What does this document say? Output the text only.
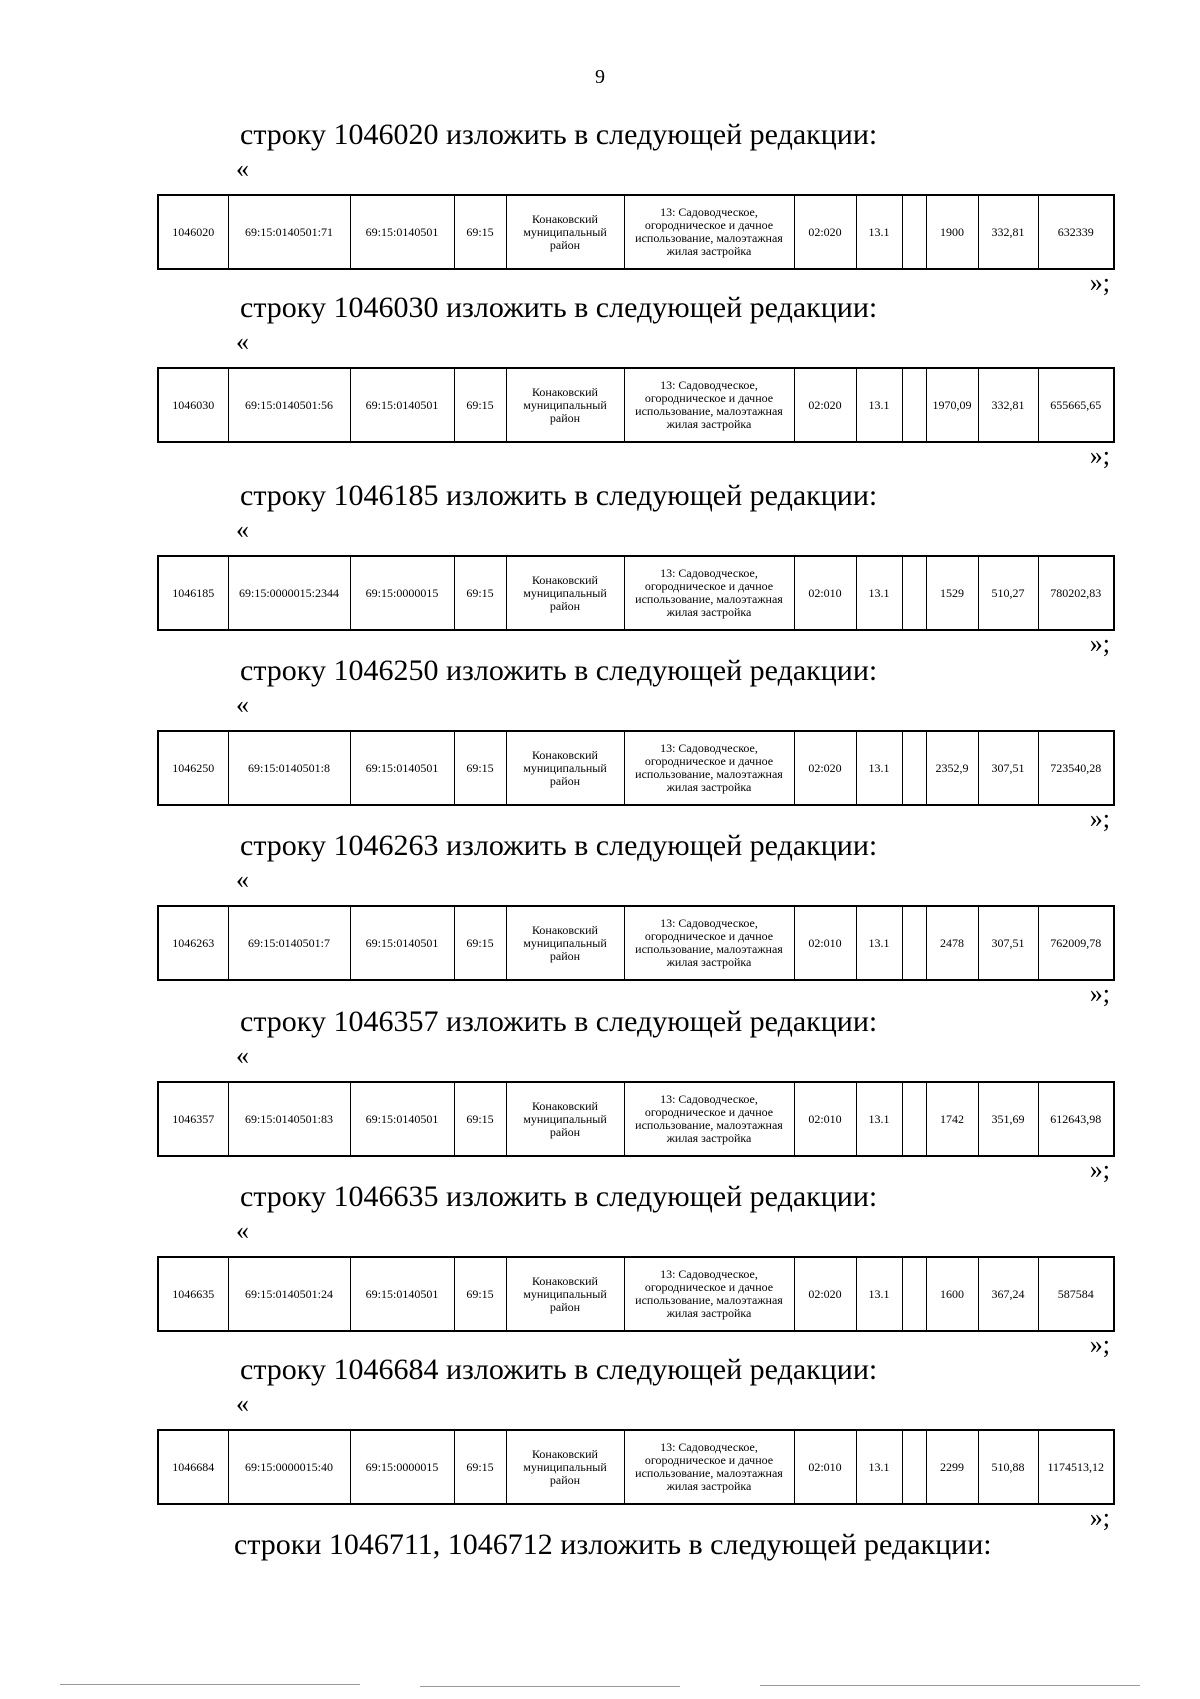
9
строку 1046020 изложить в следующей редакции:
«
1046020	69:15:0140501:71	69:15:0140501	69:15	Конаковский муниципальный район	13: Садоводческое, огородническое и дачное использование, малоэтажная жилая застройка	02:020	13.1		1900	332,81	632339
»;
строку 1046030 изложить в следующей редакции:
«
1046030	69:15:0140501:56	69:15:0140501	69:15	Конаковский муниципальный район	13: Садоводческое, огородническое и дачное использование, малоэтажная жилая застройка	02:020	13.1		1970,09	332,81	655665,65
»;
строку 1046185 изложить в следующей редакции:
«
1046185	69:15:0000015:2344	69:15:0000015	69:15	Конаковский муниципальный район	13: Садоводческое, огородническое и дачное использование, малоэтажная жилая застройка	02:010	13.1		1529	510,27	780202,83
»;
строку 1046250 изложить в следующей редакции:
«
1046250	69:15:0140501:8	69:15:0140501	69:15	Конаковский муниципальный район	13: Садоводческое, огородническое и дачное использование, малоэтажная жилая застройка	02:020	13.1		2352,9	307,51	723540,28
»;
строку 1046263 изложить в следующей редакции:
«
1046263	69:15:0140501:7	69:15:0140501	69:15	Конаковский муниципальный район	13: Садоводческое, огородническое и дачное использование, малоэтажная жилая застройка	02:010	13.1		2478	307,51	762009,78
»;
строку 1046357 изложить в следующей редакции:
«
1046357	69:15:0140501:83	69:15:0140501	69:15	Конаковский муниципальный район	13: Садоводческое, огородническое и дачное использование, малоэтажная жилая застройка	02:010	13.1		1742	351,69	612643,98
»;
строку 1046635 изложить в следующей редакции:
«
1046635	69:15:0140501:24	69:15:0140501	69:15	Конаковский муниципальный район	13: Садоводческое, огородническое и дачное использование, малоэтажная жилая застройка	02:020	13.1		1600	367,24	587584
»;
строку 1046684 изложить в следующей редакции:
«
1046684	69:15:0000015:40	69:15:0000015	69:15	Конаковский муниципальный район	13: Садоводческое, огородническое и дачное использование, малоэтажная жилая застройка	02:010	13.1		2299	510,88	1174513,12
»;
строки 1046711, 1046712 изложить в следующей редакции:
